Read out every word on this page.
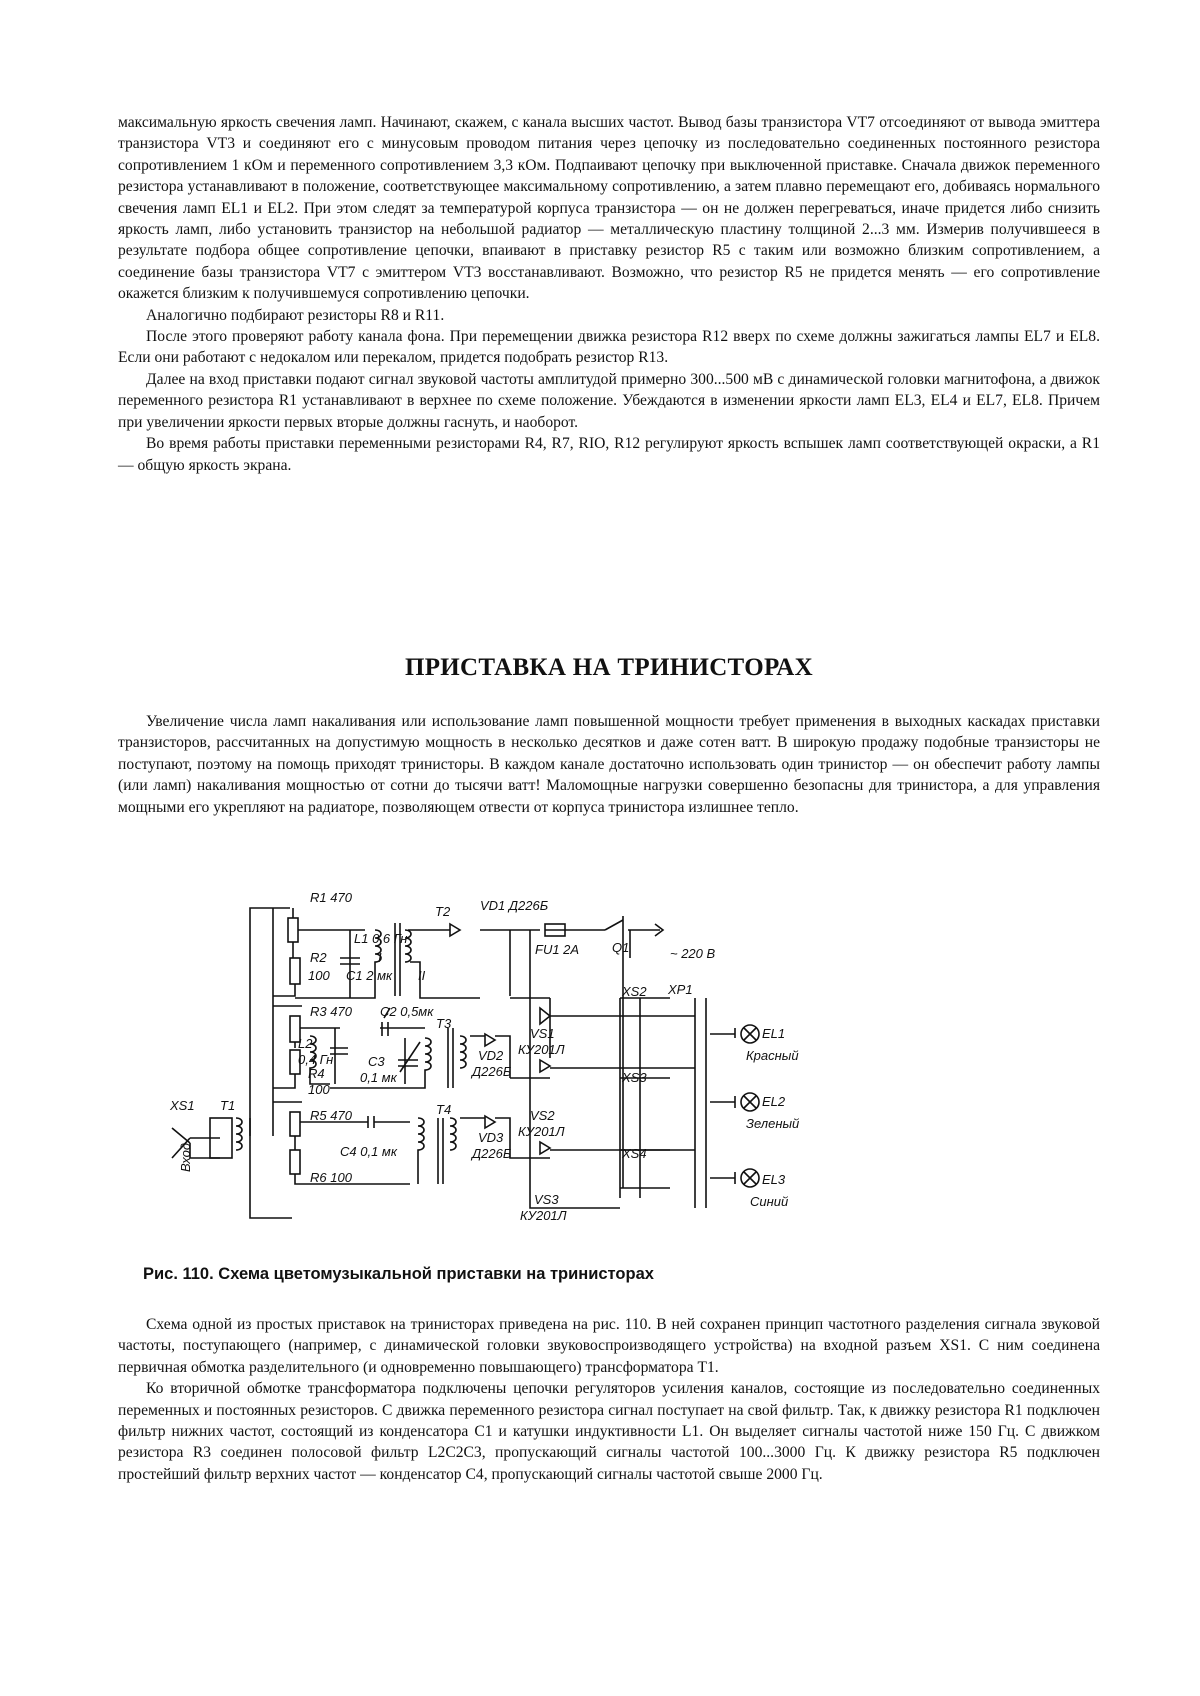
максимальную яркость свечения ламп. Начинают, скажем, с канала высших частот. Вывод базы транзистора VT7 отсоединяют от вывода эмиттера транзистора VT3 и соединяют его с минусовым проводом питания через цепочку из последовательно соединенных постоянного резистора сопротивлением 1 кОм и переменного сопротивлением 3,3 кОм. Подпаивают цепочку при выключенной приставке. Сначала движок переменного резистора устанавливают в положение, соответствующее максимальному сопротивлению, а затем плавно перемещают его, добиваясь нормального свечения ламп EL1 и EL2. При этом следят за температурой корпуса транзистора — он не должен перегреваться, иначе придется либо снизить яркость ламп, либо установить транзистор на небольшой радиатор — металлическую пластину толщиной 2...3 мм. Измерив получившееся в результате подбора общее сопротивление цепочки, впаивают в приставку резистор R5 с таким или возможно близким сопротивлением, а соединение базы транзистора VT7 с эмиттером VT3 восстанавливают. Возможно, что резистор R5 не придется менять — его сопротивление окажется близким к получившемуся сопротивлению цепочки.

Аналогично подбирают резисторы R8 и R11.

После этого проверяют работу канала фона. При перемещении движка резистора R12 вверх по схеме должны зажигаться лампы EL7 и EL8. Если они работают с недокалом или перекалом, придется подобрать резистор R13.

Далее на вход приставки подают сигнал звуковой частоты амплитудой примерно 300...500 мВ с динамической головки магнитофона, а движок переменного резистора R1 устанавливают в верхнее по схеме положение. Убеждаются в изменении яркости ламп EL3, EL4 и EL7, EL8. Причем при увеличении яркости первых вторые должны гаснуть, и наоборот.

Во время работы приставки переменными резисторами R4, R7, RIO, R12 регулируют яркость вспышек ламп соответствующей окраски, а R1 — общую яркость экрана.

ПРИСТАВКА НА ТРИНИСТОРАХ

Увеличение числа ламп накаливания или использование ламп повышенной мощности требует применения в выходных каскадах приставки транзисторов, рассчитанных на допустимую мощность в несколько десятков и даже сотен ватт. В широкую продажу подобные транзисторы не поступают, поэтому на помощь приходят тринисторы. В каждом канале достаточно использовать один тринистор — он обеспечит работу лампы (или ламп) накаливания мощностью от сотни до тысячи ватт! Маломощные нагрузки совершенно безопасны для тринистора, а для управления мощными его укрепляют на радиаторе, позволяющем отвести от корпуса тринистора излишнее тепло.

R1 470
T2 VD1 Д226Б
L1 0,6 Гн
I
II
R2
100 C1 2 мк
FU1 2A	Q1	~ 220 B
XS2 XP1
R3 470 C2 0,5мк
T3
VS1
КУ201Л
EL1
Красный
L2
0,4 Гн
R4
100
C3
0,1 мк
VD2
Д226Б	XS3
XS1 T1
Вход
R5 470	T4	VS2
КУ201Л
EL2
Зеленый
C4 0,1 мк
R6 100
VD3
Д226Б	XS4
VS3
КУ201Л
EL3
Синий

Рис. 110. Схема цветомузыкальной приставки на тринисторах

Схема одной из простых приставок на тринисторах приведена на рис. 110. В ней сохранен принцип частотного разделения сигнала звуковой частоты, поступающего (например, с динамической головки звуковоспроизводящего устройства) на входной разъем XS1. С ним соединена первичная обмотка разделительного (и одновременно повышающего) трансформатора T1.

Ко вторичной обмотке трансформатора подключены цепочки регуляторов усиления каналов, состоящие из последовательно соединенных переменных и постоянных резисторов. С движка переменного резистора сигнал поступает на свой фильтр. Так, к движку резистора R1 подключен фильтр нижних частот, состоящий из конденсатора C1 и катушки индуктивности L1. Он выделяет сигналы частотой ниже 150 Гц. С движком резистора R3 соединен полосовой фильтр L2C2C3, пропускающий сигналы частотой 100...3000 Гц. К движку резистора R5 подключен простейший фильтр верхних частот — конденсатор C4, пропускающий сигналы частотой свыше 2000 Гц.
